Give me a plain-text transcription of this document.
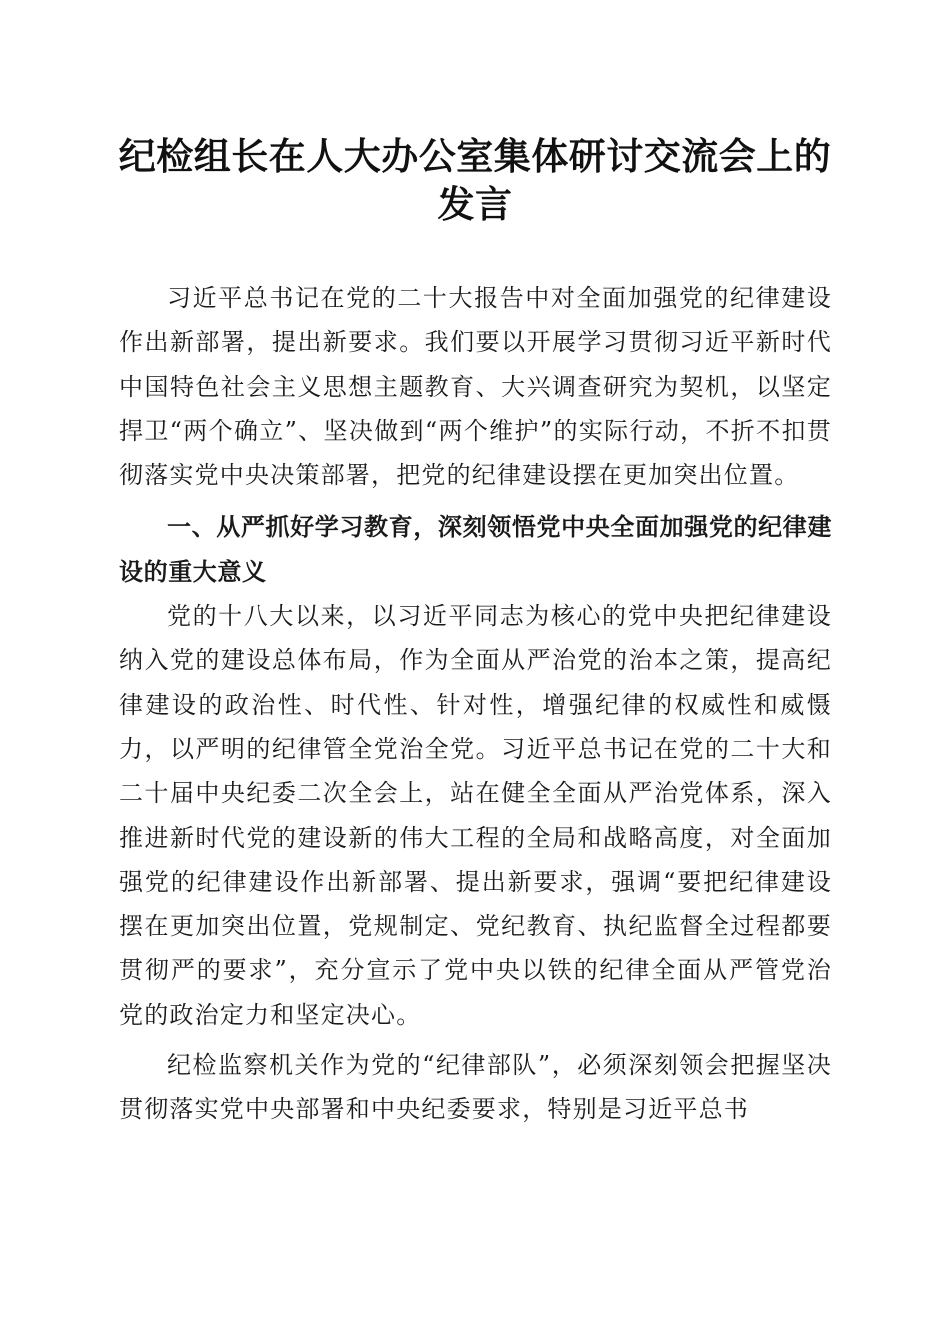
纪检组长在人大办公室集体研讨交流会上的发言

习近平总书记在党的二十大报告中对全面加强党的纪律建设作出新部署，提出新要求。我们要以开展学习贯彻习近平新时代中国特色社会主义思想主题教育、大兴调查研究为契机，以坚定捍卫“两个确立”、坚决做到“两个维护”的实际行动，不折不扣贯彻落实党中央决策部署，把党的纪律建设摆在更加突出位置。

一、从严抓好学习教育，深刻领悟党中央全面加强党的纪律建设的重大意义

党的十八大以来，以习近平同志为核心的党中央把纪律建设纳入党的建设总体布局，作为全面从严治党的治本之策，提高纪律建设的政治性、时代性、针对性，增强纪律的权威性和威慑力，以严明的纪律管全党治全党。习近平总书记在党的二十大和二十届中央纪委二次全会上，站在健全全面从严治党体系，深入推进新时代党的建设新的伟大工程的全局和战略高度，对全面加强党的纪律建设作出新部署、提出新要求，强调“要把纪律建设摆在更加突出位置，党规制定、党纪教育、执纪监督全过程都要贯彻严的要求”，充分宣示了党中央以铁的纪律全面从严管党治党的政治定力和坚定决心。

纪检监察机关作为党的“纪律部队”，必须深刻领会把握坚决贯彻落实党中央部署和中央纪委要求，特别是习近平总书
